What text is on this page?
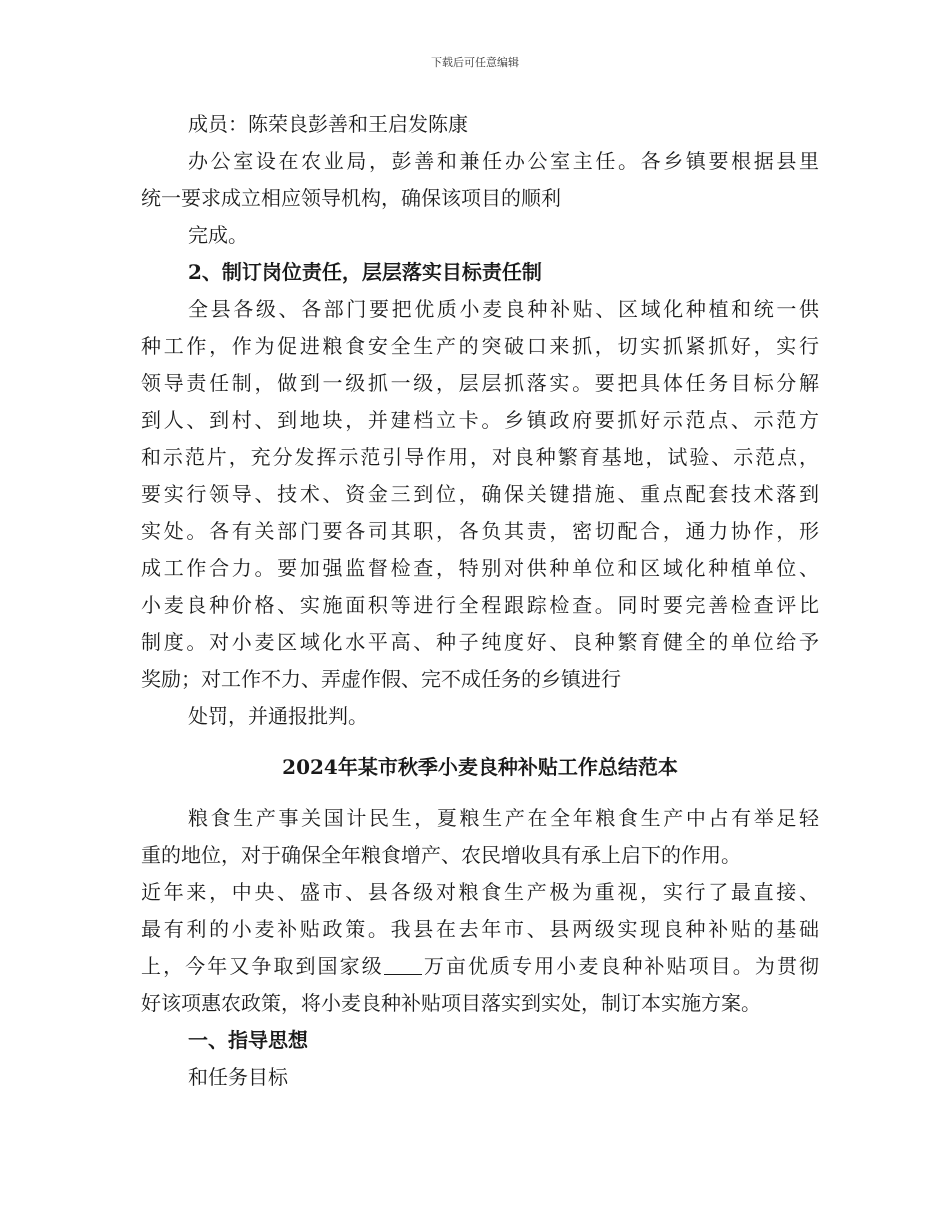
下载后可任意编辑
成员：陈荣良彭善和王启发陈康
办公室设在农业局，彭善和兼任办公室主任。各乡镇要根据县里
统一要求成立相应领导机构，确保该项目的顺利
完成。
2、制订岗位责任，层层落实目标责任制
全县各级、各部门要把优质小麦良种补贴、区域化种植和统一供
种工作，作为促进粮食安全生产的突破口来抓，切实抓紧抓好，实行
领导责任制，做到一级抓一级，层层抓落实。要把具体任务目标分解
到人、到村、到地块，并建档立卡。乡镇政府要抓好示范点、示范方
和示范片，充分发挥示范引导作用，对良种繁育基地，试验、示范点，
要实行领导、技术、资金三到位，确保关键措施、重点配套技术落到
实处。各有关部门要各司其职，各负其责，密切配合，通力协作，形
成工作合力。要加强监督检查，特别对供种单位和区域化种植单位、
小麦良种价格、实施面积等进行全程跟踪检查。同时要完善检查评比
制度。对小麦区域化水平高、种子纯度好、良种繁育健全的单位给予
奖励；对工作不力、弄虚作假、完不成任务的乡镇进行
处罚，并通报批判。
2024年某市秋季小麦良种补贴工作总结范本
粮食生产事关国计民生，夏粮生产在全年粮食生产中占有举足轻
重的地位，对于确保全年粮食增产、农民增收具有承上启下的作用。
近年来，中央、盛市、县各级对粮食生产极为重视，实行了最直接、
最有利的小麦补贴政策。我县在去年市、县两级实现良种补贴的基础
上，今年又争取到国家级 万亩优质专用小麦良种补贴项目。为贯彻
好该项惠农政策，将小麦良种补贴项目落实到实处，制订本实施方案。
一、指导思想
和任务目标
